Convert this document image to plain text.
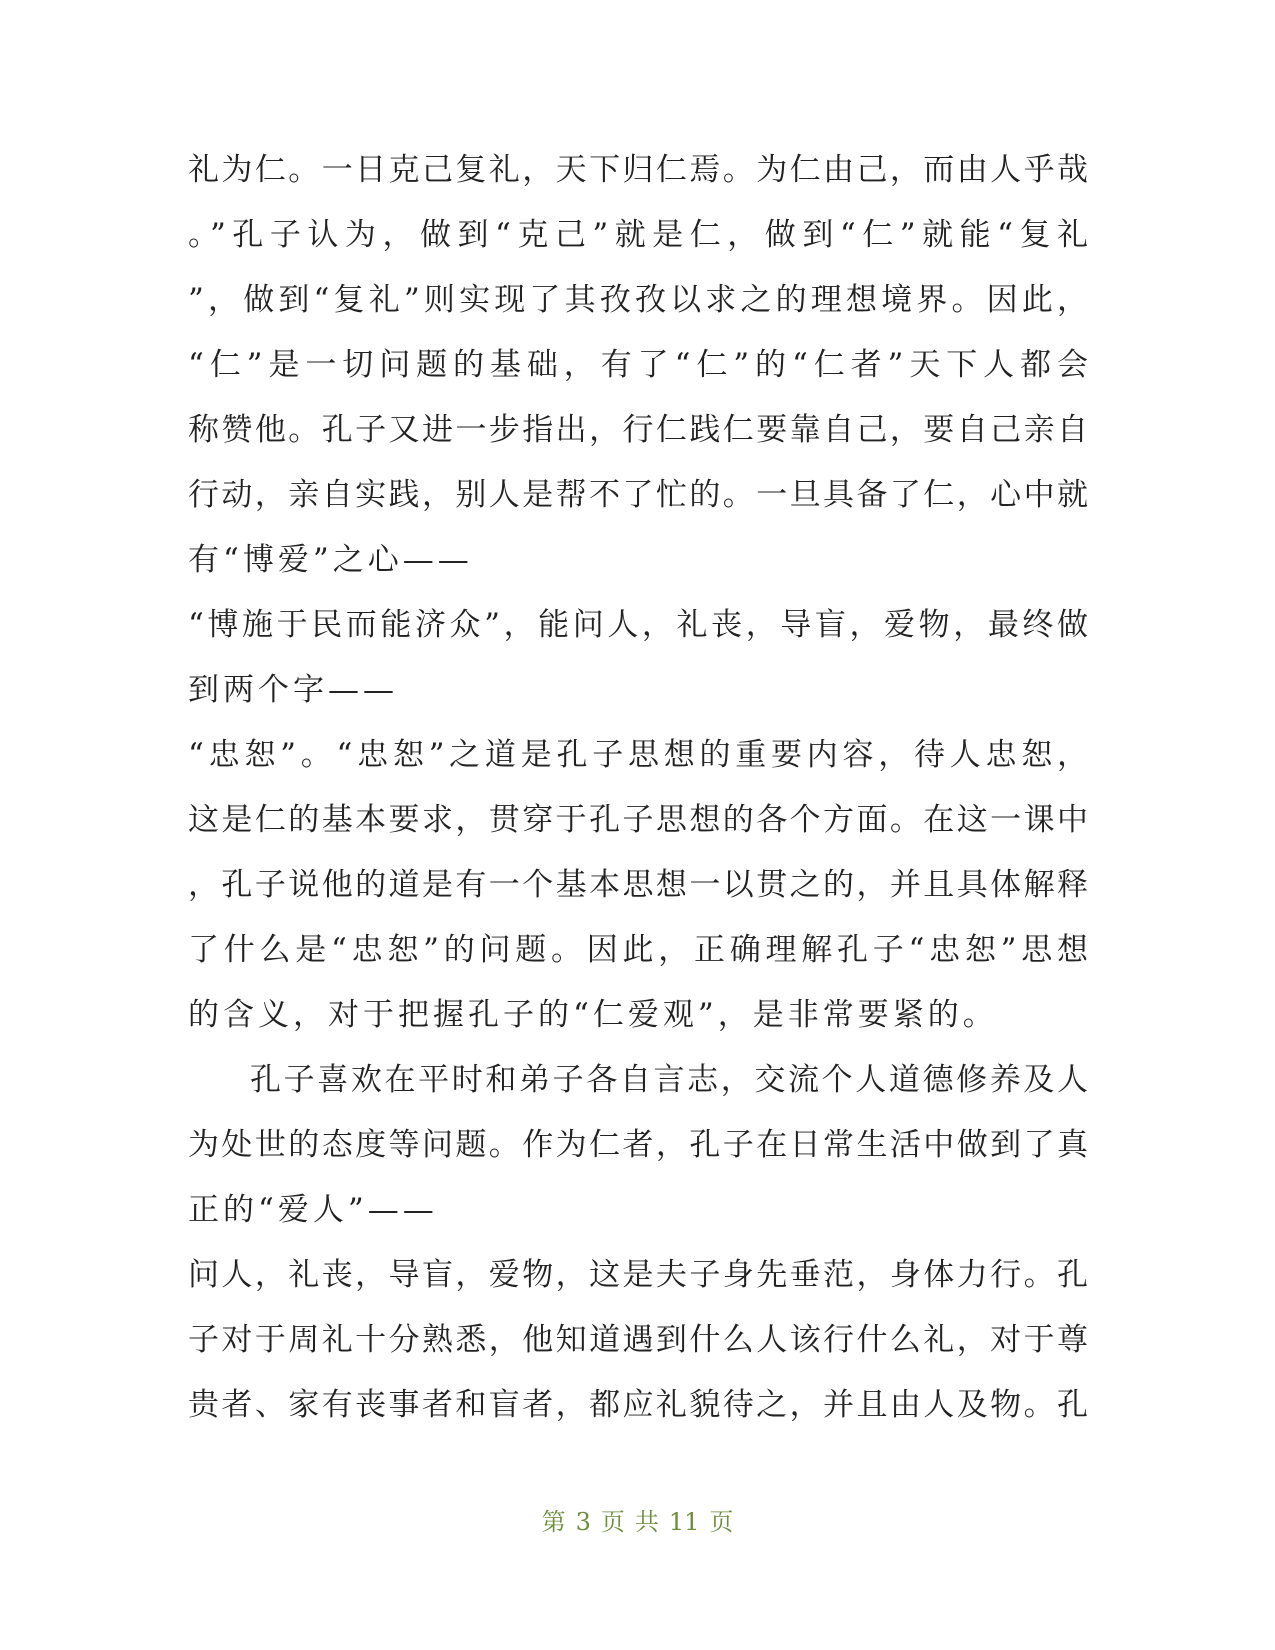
礼为仁。一日克己复礼，天下归仁焉。为仁由己，而由人乎哉
。”孔子认为，做到“克己”就是仁，做到“仁”就能“复礼
”，做到“复礼”则实现了其孜孜以求之的理想境界。因此，
“仁”是一切问题的基础，有了“仁”的“仁者”天下人都会
称赞他。孔子又进一步指出，行仁践仁要靠自己，要自己亲自
行动，亲自实践，别人是帮不了忙的。一旦具备了仁，心中就
有“博爱”之心——
“博施于民而能济众”，能问人，礼丧，导盲，爱物，最终做
到两个字——
“忠恕”。“忠恕”之道是孔子思想的重要内容，待人忠恕，
这是仁的基本要求，贯穿于孔子思想的各个方面。在这一课中
，孔子说他的道是有一个基本思想一以贯之的，并且具体解释
了什么是“忠恕”的问题。因此，正确理解孔子“忠恕”思想
的含义，对于把握孔子的“仁爱观”，是非常要紧的。
孔子喜欢在平时和弟子各自言志，交流个人道德修养及人
为处世的态度等问题。作为仁者，孔子在日常生活中做到了真
正的“爱人”——
问人，礼丧，导盲，爱物，这是夫子身先垂范，身体力行。孔
子对于周礼十分熟悉，他知道遇到什么人该行什么礼，对于尊
贵者、家有丧事者和盲者，都应礼貌待之，并且由人及物。孔
第 3 页 共 11 页
